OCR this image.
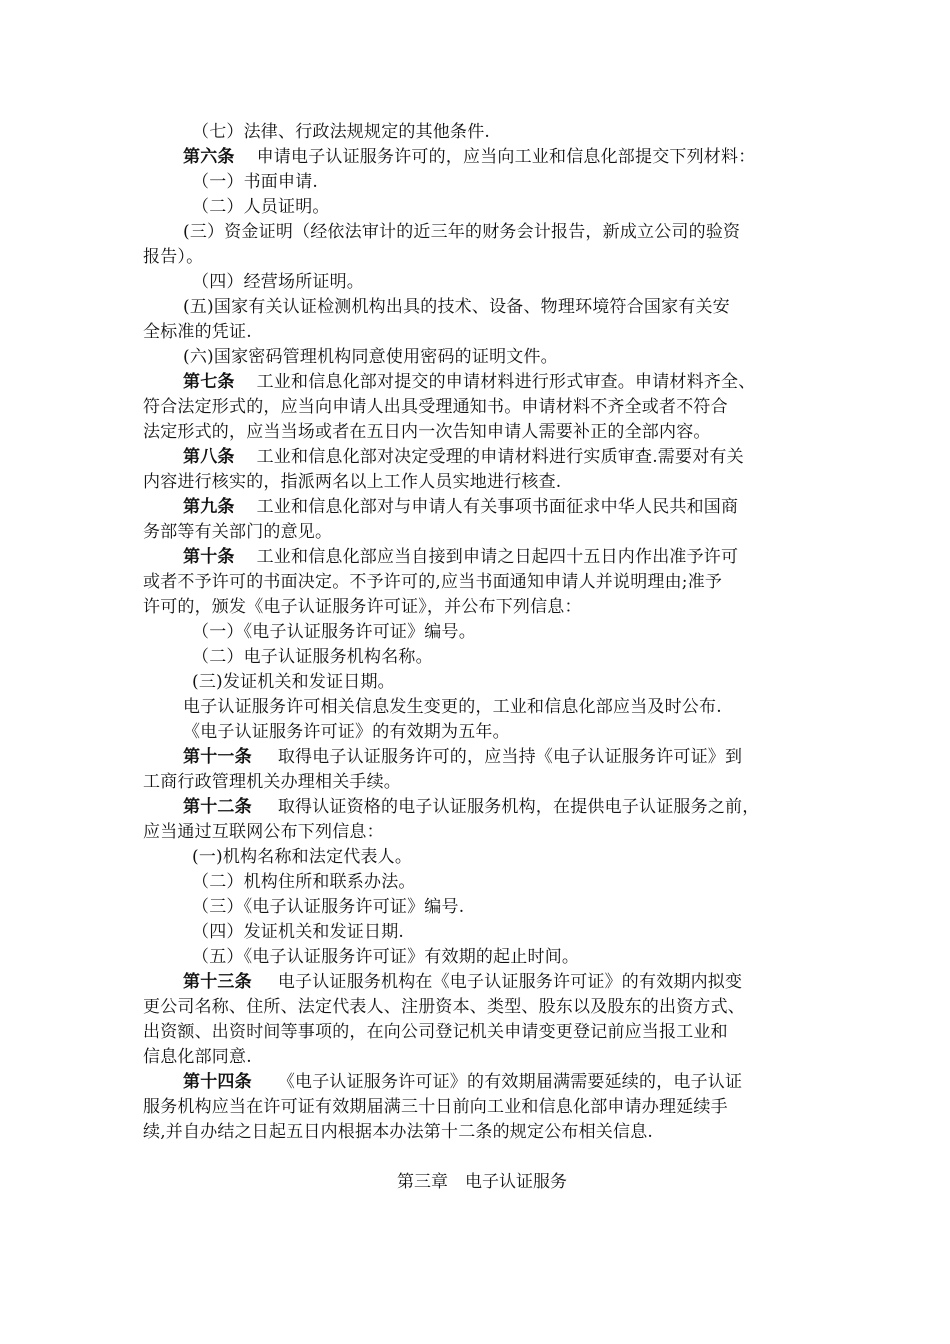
（七）法律、行政法规规定的其他条件.
第六条 申请电子认证服务许可的，应当向工业和信息化部提交下列材料：
（一）书面申请.
（二）人员证明。
(三）资金证明（经依法审计的近三年的财务会计报告，新成立公司的验资
报告）。
（四）经营场所证明。
(五)国家有关认证检测机构出具的技术、设备、物理环境符合国家有关安
全标准的凭证.
(六)国家密码管理机构同意使用密码的证明文件。
第七条 工业和信息化部对提交的申请材料进行形式审查。申请材料齐全、
符合法定形式的，应当向申请人出具受理通知书。申请材料不齐全或者不符合
法定形式的，应当当场或者在五日内一次告知申请人需要补正的全部内容。
第八条 工业和信息化部对决定受理的申请材料进行实质审查.需要对有关
内容进行核实的，指派两名以上工作人员实地进行核查.
第九条 工业和信息化部对与申请人有关事项书面征求中华人民共和国商
务部等有关部门的意见。
第十条 工业和信息化部应当自接到申请之日起四十五日内作出准予许可
或者不予许可的书面决定。不予许可的,应当书面通知申请人并说明理由;准予
许可的，颁发《电子认证服务许可证》，并公布下列信息：
（一）《电子认证服务许可证》编号。
（二）电子认证服务机构名称。
(三)发证机关和发证日期。
电子认证服务许可相关信息发生变更的，工业和信息化部应当及时公布.
《电子认证服务许可证》的有效期为五年。
第十一条 取得电子认证服务许可的，应当持《电子认证服务许可证》到
工商行政管理机关办理相关手续。
第十二条 取得认证资格的电子认证服务机构，在提供电子认证服务之前，
应当通过互联网公布下列信息：
(一)机构名称和法定代表人。
（二）机构住所和联系办法。
（三）《电子认证服务许可证》编号.
（四）发证机关和发证日期.
（五）《电子认证服务许可证》有效期的起止时间。
第十三条 电子认证服务机构在《电子认证服务许可证》的有效期内拟变
更公司名称、住所、法定代表人、注册资本、类型、股东以及股东的出资方式、
出资额、出资时间等事项的，在向公司登记机关申请变更登记前应当报工业和
信息化部同意.
第十四条 《电子认证服务许可证》的有效期届满需要延续的，电子认证
服务机构应当在许可证有效期届满三十日前向工业和信息化部申请办理延续手
续,并自办结之日起五日内根据本办法第十二条的规定公布相关信息.
第三章　电子认证服务
